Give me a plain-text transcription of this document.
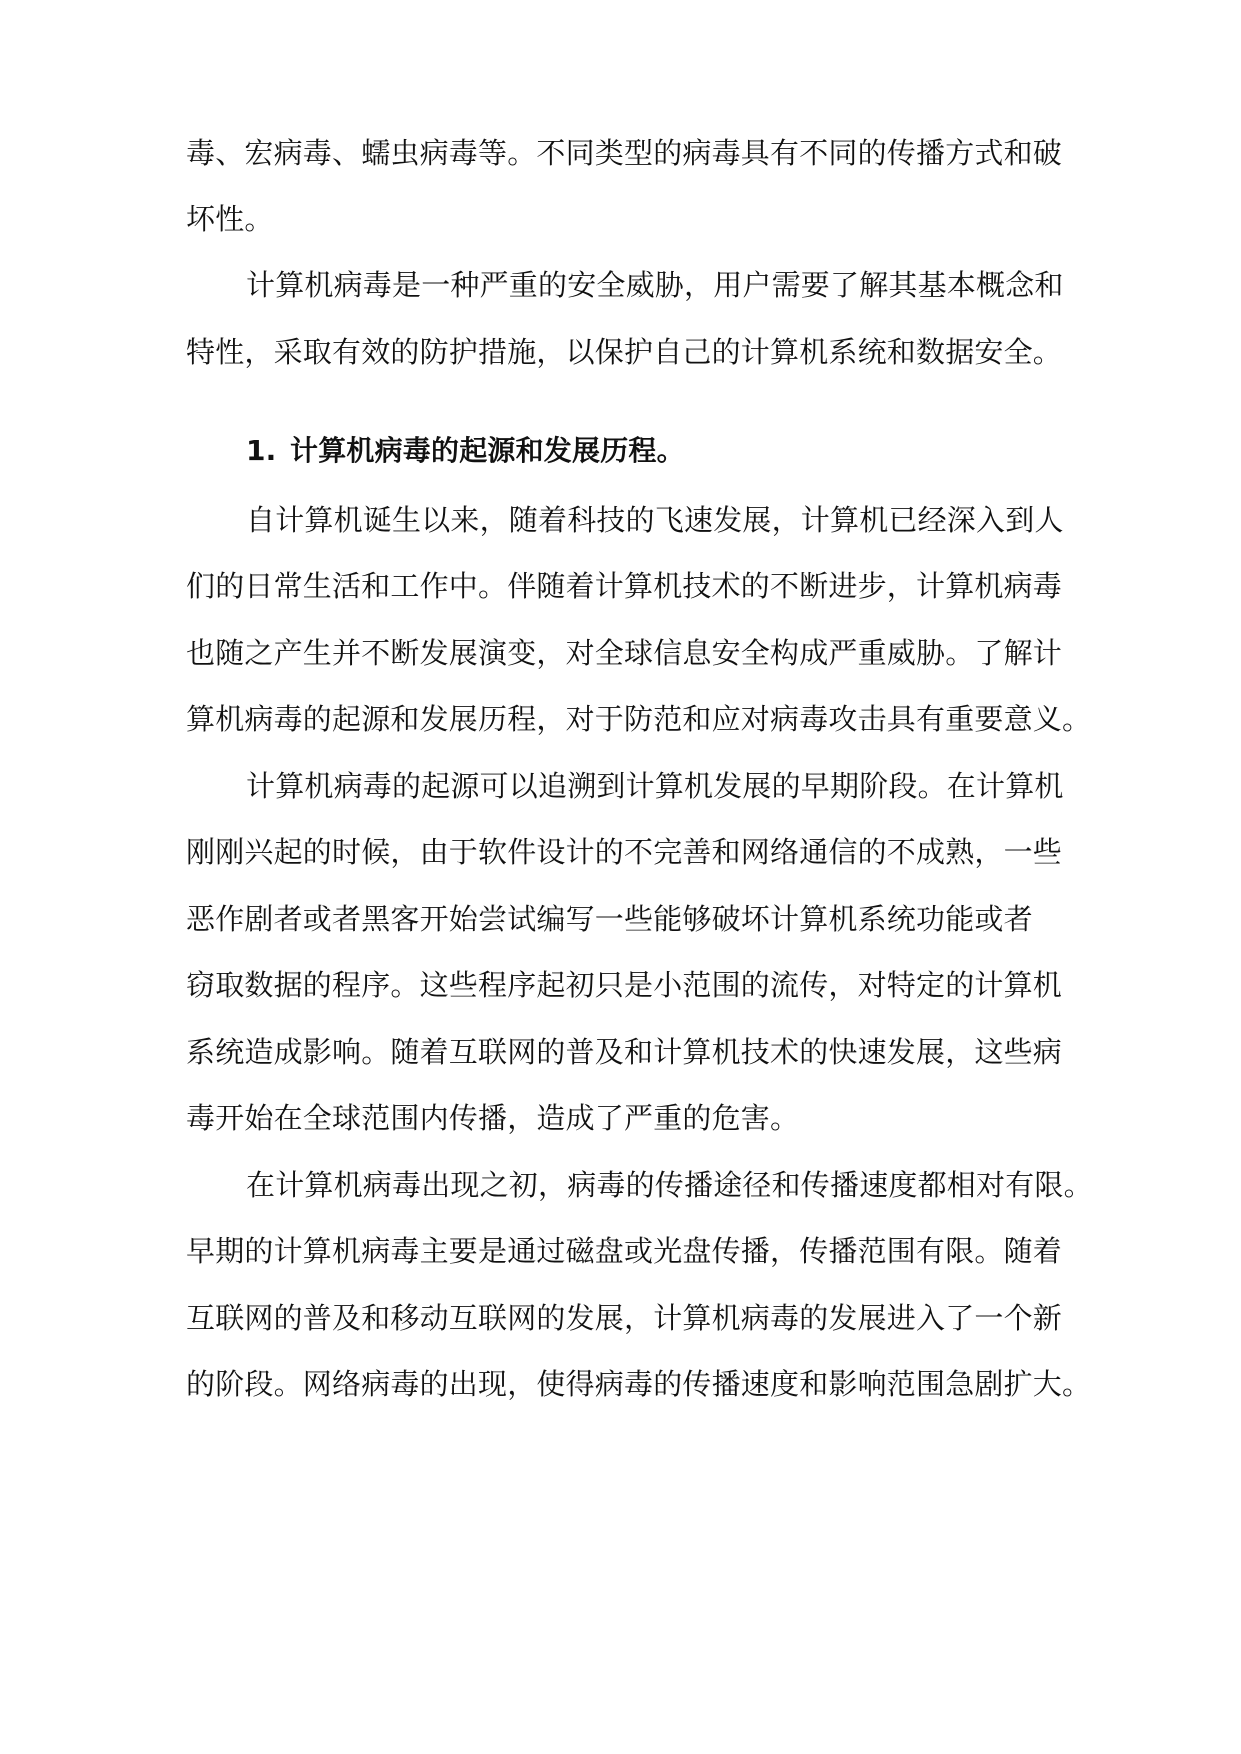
毒、宏病毒、蠕虫病毒等。不同类型的病毒具有不同的传播方式和破
坏性。
计算机病毒是一种严重的安全威胁，用户需要了解其基本概念和
特性，采取有效的防护措施，以保护自己的计算机系统和数据安全。
1. 计算机病毒的起源和发展历程。
自计算机诞生以来，随着科技的飞速发展，计算机已经深入到人
们的日常生活和工作中。伴随着计算机技术的不断进步，计算机病毒
也随之产生并不断发展演变，对全球信息安全构成严重威胁。了解计
算机病毒的起源和发展历程，对于防范和应对病毒攻击具有重要意义。
计算机病毒的起源可以追溯到计算机发展的早期阶段。在计算机
刚刚兴起的时候，由于软件设计的不完善和网络通信的不成熟，一些
恶作剧者或者黑客开始尝试编写一些能够破坏计算机系统功能或者
窃取数据的程序。这些程序起初只是小范围的流传，对特定的计算机
系统造成影响。随着互联网的普及和计算机技术的快速发展，这些病
毒开始在全球范围内传播，造成了严重的危害。
在计算机病毒出现之初，病毒的传播途径和传播速度都相对有限。
早期的计算机病毒主要是通过磁盘或光盘传播，传播范围有限。随着
互联网的普及和移动互联网的发展，计算机病毒的发展进入了一个新
的阶段。网络病毒的出现，使得病毒的传播速度和影响范围急剧扩大。
